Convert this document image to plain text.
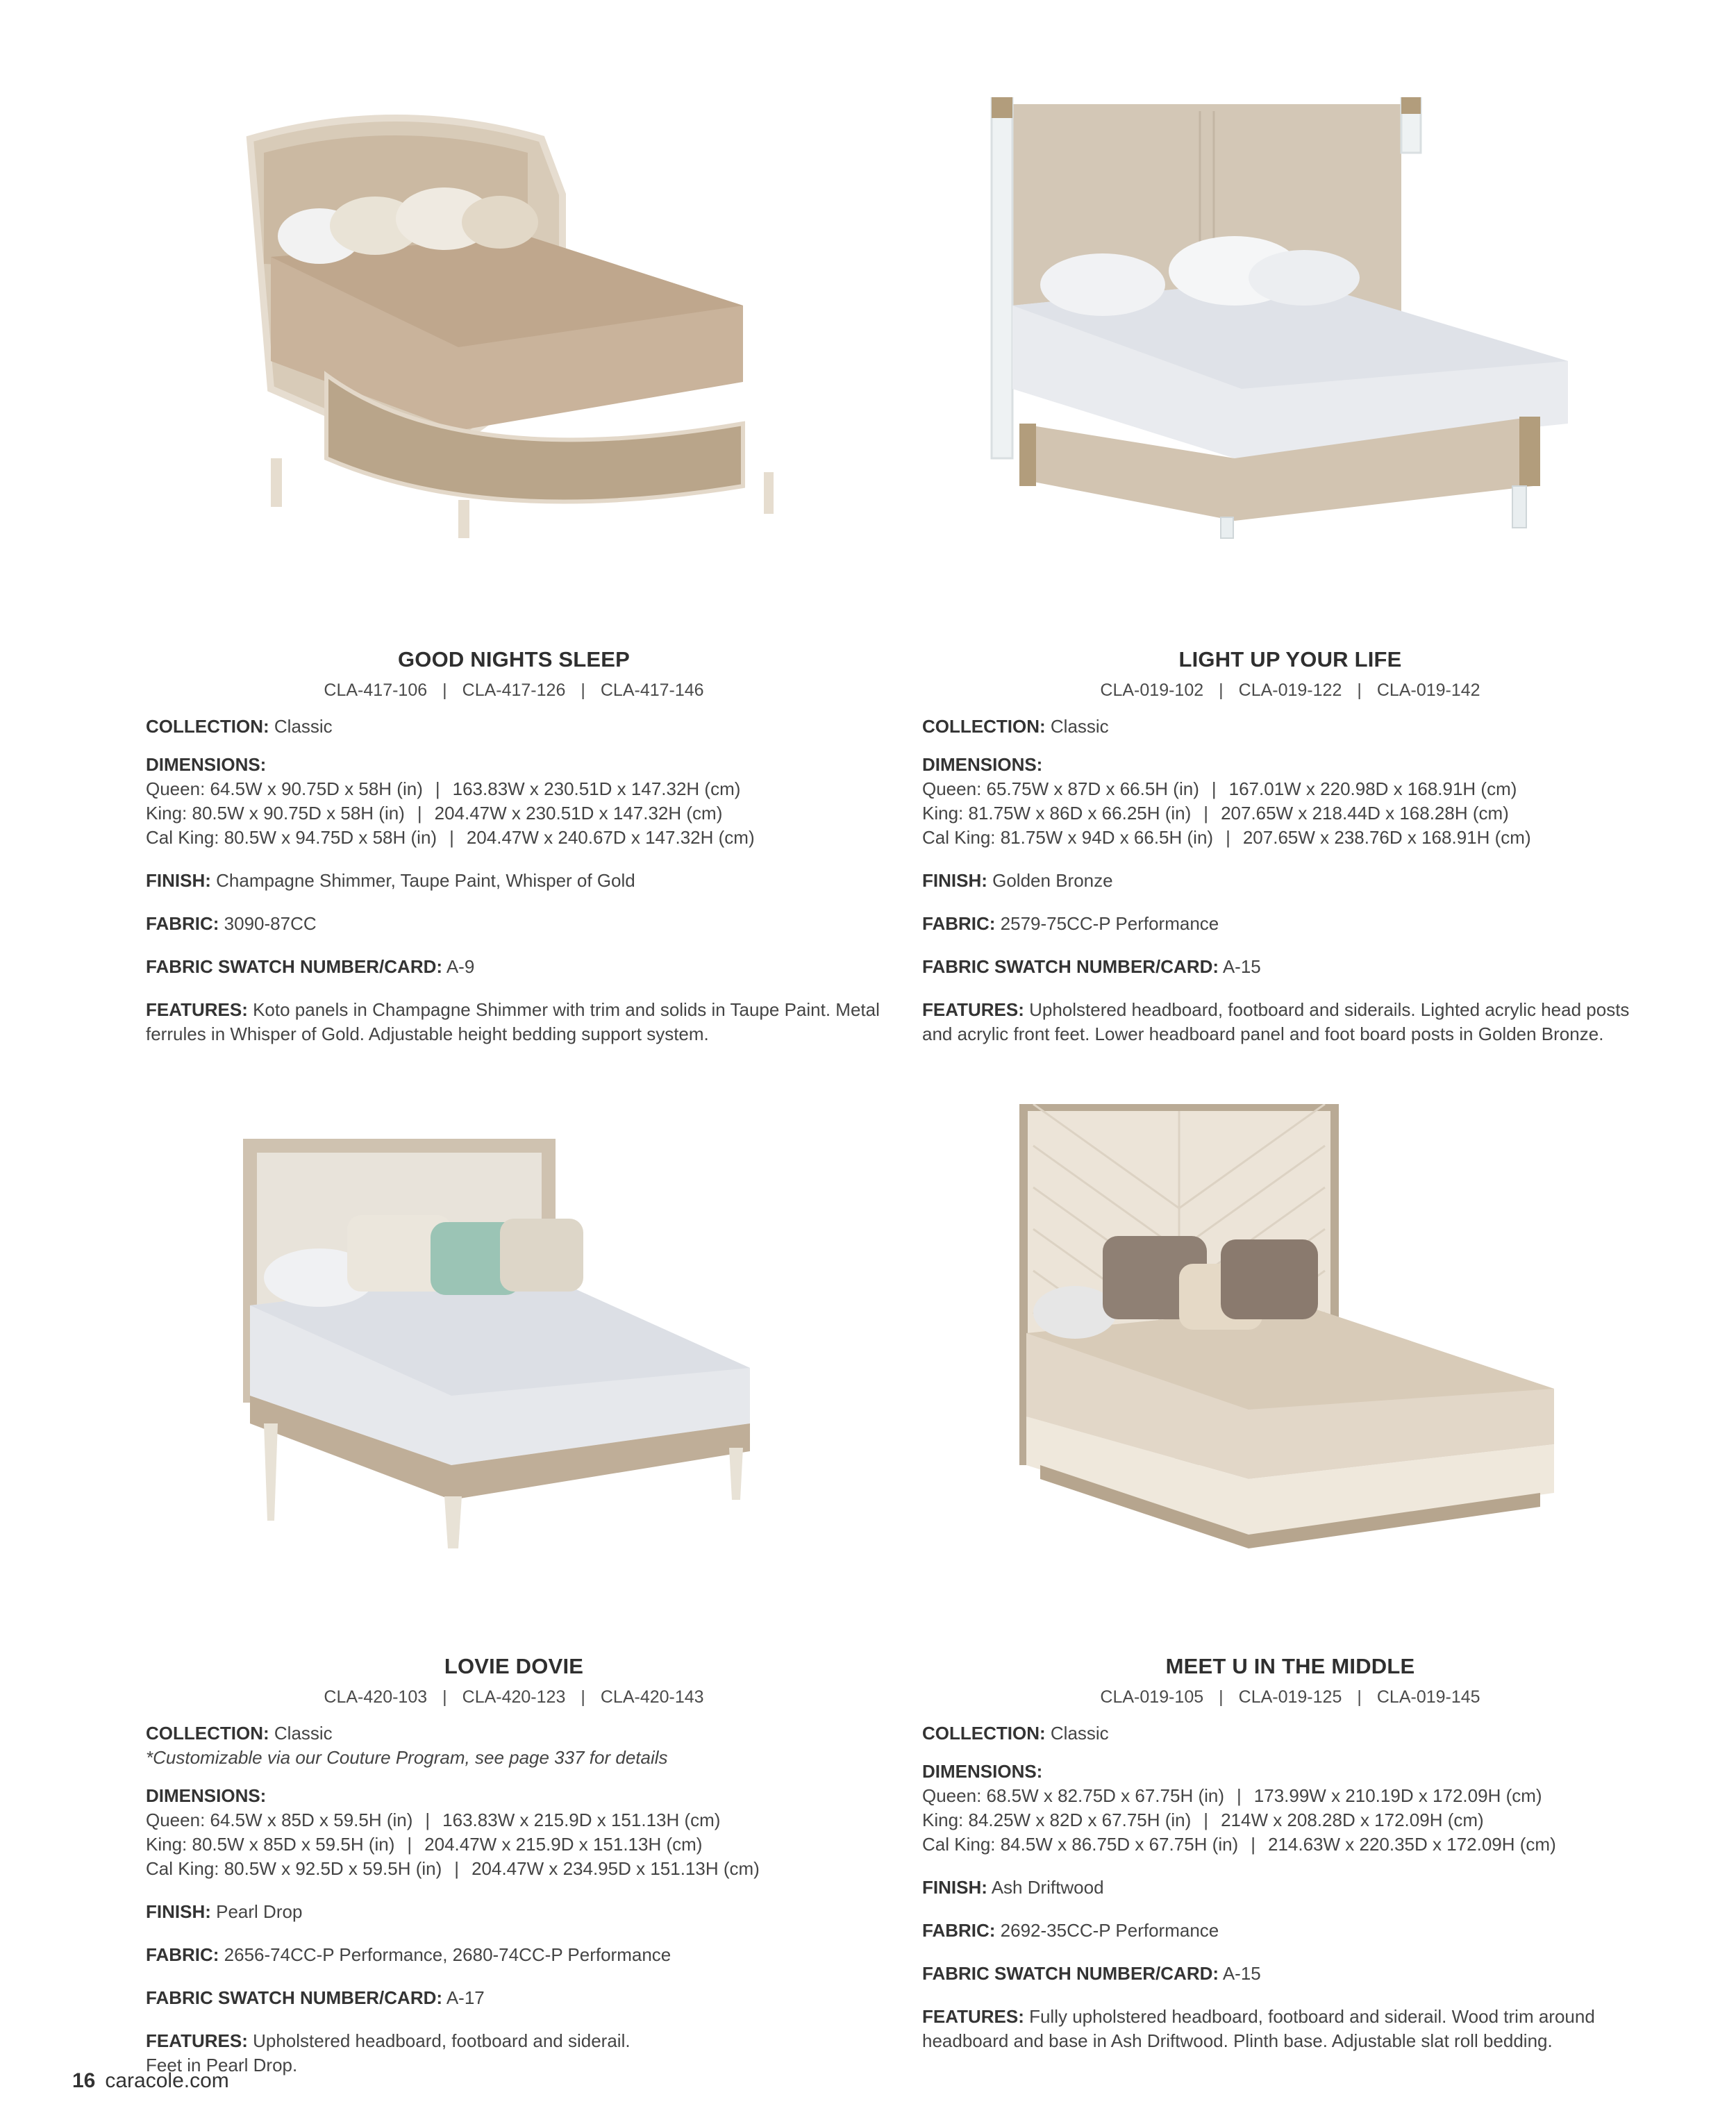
GOOD NIGHTS SLEEP
CLA-417-106 | CLA-417-126 | CLA-417-146
COLLECTION: Classic
DIMENSIONS:
Queen: 64.5W x 90.75D x 58H (in) | 163.83W x 230.51D x 147.32H (cm)
King: 80.5W x 90.75D x 58H (in) | 204.47W x 230.51D x 147.32H (cm)
Cal King: 80.5W x 94.75D x 58H (in) | 204.47W x 240.67D x 147.32H (cm)
FINISH: Champagne Shimmer, Taupe Paint, Whisper of Gold
FABRIC: 3090-87CC
FABRIC SWATCH NUMBER/CARD: A-9
FEATURES: Koto panels in Champagne Shimmer with trim and solids in Taupe Paint. Metal ferrules in Whisper of Gold. Adjustable height bedding support system.
LIGHT UP YOUR LIFE
CLA-019-102 | CLA-019-122 | CLA-019-142
COLLECTION: Classic
DIMENSIONS:
Queen: 65.75W x 87D x 66.5H (in) | 167.01W x 220.98D x 168.91H (cm)
King: 81.75W x 86D x 66.25H (in) | 207.65W x 218.44D x 168.28H (cm)
Cal King: 81.75W x 94D x 66.5H (in) | 207.65W x 238.76D x 168.91H (cm)
FINISH: Golden Bronze
FABRIC: 2579-75CC-P Performance
FABRIC SWATCH NUMBER/CARD: A-15
FEATURES: Upholstered headboard, footboard and siderails. Lighted acrylic head posts and acrylic front feet. Lower headboard panel and foot board posts in Golden Bronze.
LOVIE DOVIE
CLA-420-103 | CLA-420-123 | CLA-420-143
COLLECTION: Classic
*Customizable via our Couture Program, see page 337 for details
DIMENSIONS:
Queen: 64.5W x 85D x 59.5H (in) | 163.83W x 215.9D x 151.13H (cm)
King: 80.5W x 85D x 59.5H (in) | 204.47W x 215.9D x 151.13H (cm)
Cal King: 80.5W x 92.5D x 59.5H (in) | 204.47W x 234.95D x 151.13H (cm)
FINISH: Pearl Drop
FABRIC: 2656-74CC-P Performance, 2680-74CC-P Performance
FABRIC SWATCH NUMBER/CARD: A-17
FEATURES: Upholstered headboard, footboard and siderail.
Feet in Pearl Drop.
MEET U IN THE MIDDLE
CLA-019-105 | CLA-019-125 | CLA-019-145
COLLECTION: Classic
DIMENSIONS:
Queen: 68.5W x 82.75D x 67.75H (in) | 173.99W x 210.19D x 172.09H (cm)
King: 84.25W x 82D x 67.75H (in) | 214W x 208.28D x 172.09H (cm)
Cal King: 84.5W x 86.75D x 67.75H (in) | 214.63W x 220.35D x 172.09H (cm)
FINISH: Ash Driftwood
FABRIC: 2692-35CC-P Performance
FABRIC SWATCH NUMBER/CARD: A-15
FEATURES: Fully upholstered headboard, footboard and siderail. Wood trim around headboard and base in Ash Driftwood. Plinth base. Adjustable slat roll bedding.
16 caracole.com
